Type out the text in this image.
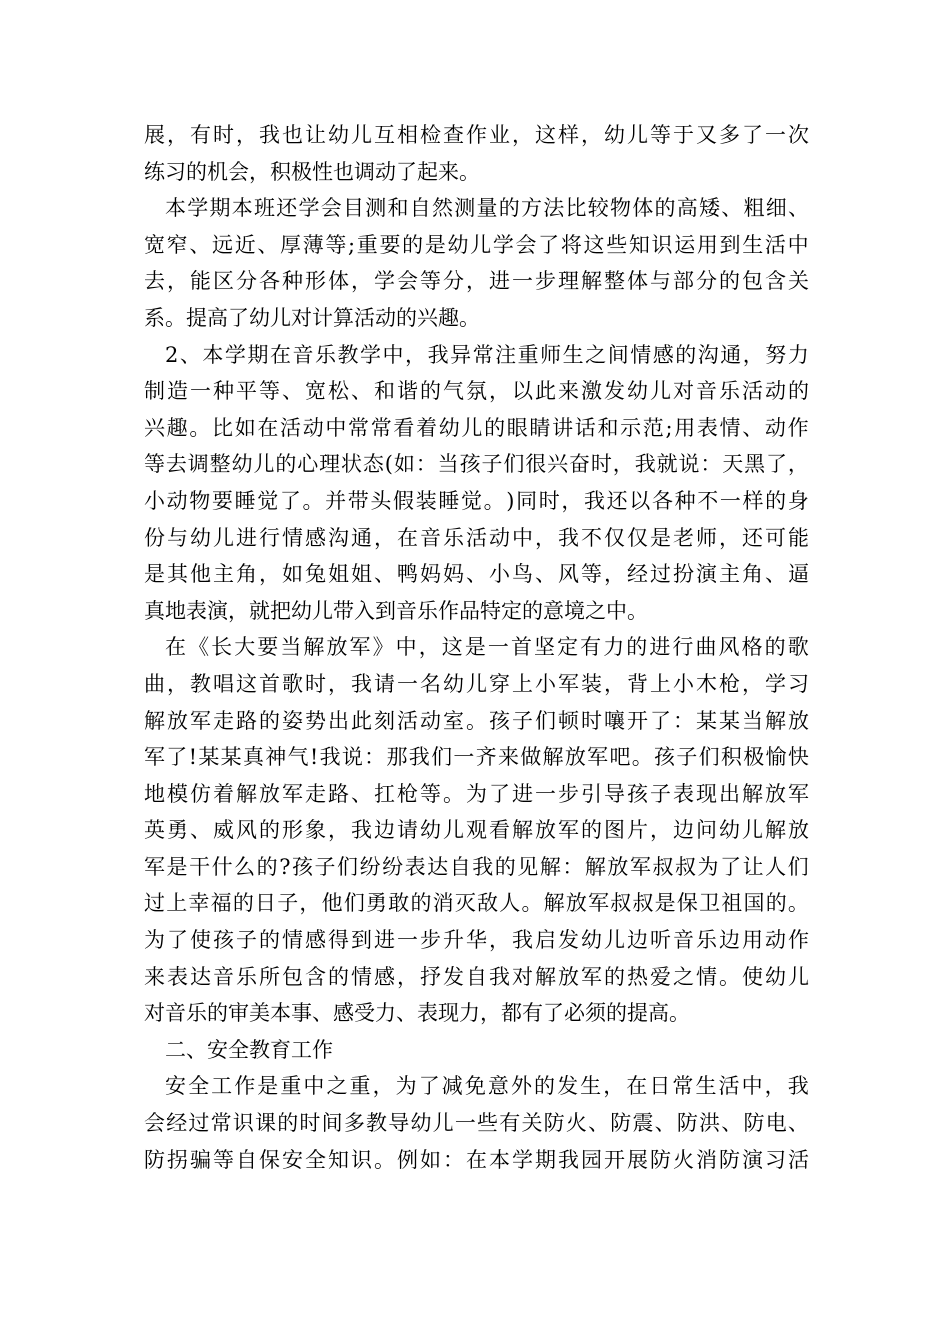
展 ， 有 时 ， 我 也 让 幼 儿 互 相 检 查 作 业 ， 这 样 ， 幼 儿 等 于 又 多 了 一 次
练 习 的 机 会 ， 积 极 性 也 调 动 了 起 来 。
本 学 期 本 班 还 学 会 目 测 和 自 然 测 量 的 方 法 比 较 物 体 的 高 矮 、 粗 细 、
宽 窄 、 远 近 、 厚 薄 等 ; 重 要 的 是 幼 儿 学 会 了 将 这 些 知 识 运 用 到 生 活 中
去 ， 能 区 分 各 种 形 体 ， 学 会 等 分 ， 进 一 步 理 解 整 体 与 部 分 的 包 含 关
系 。 提 高 了 幼 儿 对 计 算 活 动 的 兴 趣 。
2 、 本 学 期 在 音 乐 教 学 中 ， 我 异 常 注 重 师 生 之 间 情 感 的 沟 通 ， 努 力
制 造 一 种 平 等 、 宽 松 、 和 谐 的 气 氛 ， 以 此 来 激 发 幼 儿 对 音 乐 活 动 的
兴 趣 。 比 如 在 活 动 中 常 常 看 着 幼 儿 的 眼 睛 讲 话 和 示 范 ; 用 表 情 、 动 作
等 去 调 整 幼 儿 的 心 理 状 态 ( 如 ： 当 孩 子 们 很 兴 奋 时 ， 我 就 说 ： 天 黑 了 ，
小 动 物 要 睡 觉 了 。 并 带 头 假 装 睡 觉 。 ) 同 时 ， 我 还 以 各 种 不 一 样 的 身
份 与 幼 儿 进 行 情 感 沟 通 ， 在 音 乐 活 动 中 ， 我 不 仅 仅 是 老 师 ， 还 可 能
是 其 他 主 角 ， 如 兔 姐 姐 、 鸭 妈 妈 、 小 鸟 、 风 等 ， 经 过 扮 演 主 角 、 逼
真 地 表 演 ， 就 把 幼 儿 带 入 到 音 乐 作 品 特 定 的 意 境 之 中 。
在 《 长 大 要 当 解 放 军 》 中 ， 这 是 一 首 坚 定 有 力 的 进 行 曲 风 格 的 歌
曲 ， 教 唱 这 首 歌 时 ， 我 请 一 名 幼 儿 穿 上 小 军 装 ， 背 上 小 木 枪 ， 学 习
解 放 军 走 路 的 姿 势 出 此 刻 活 动 室 。 孩 子 们 顿 时 嚷 开 了 ： 某 某 当 解 放
军 了 ! 某 某 真 神 气 ! 我 说 ： 那 我 们 一 齐 来 做 解 放 军 吧 。 孩 子 们 积 极 愉 快
地 模 仿 着 解 放 军 走 路 、 扛 枪 等 。 为 了 进 一 步 引 导 孩 子 表 现 出 解 放 军
英 勇 、 威 风 的 形 象 ， 我 边 请 幼 儿 观 看 解 放 军 的 图 片 ， 边 问 幼 儿 解 放
军 是 干 什 么 的 ? 孩 子 们 纷 纷 表 达 自 我 的 见 解 ： 解 放 军 叔 叔 为 了 让 人 们
过 上 幸 福 的 日 子 ， 他 们 勇 敢 的 消 灭 敌 人 。 解 放 军 叔 叔 是 保 卫 祖 国 的 。
为 了 使 孩 子 的 情 感 得 到 进 一 步 升 华 ， 我 启 发 幼 儿 边 听 音 乐 边 用 动 作
来 表 达 音 乐 所 包 含 的 情 感 ， 抒 发 自 我 对 解 放 军 的 热 爱 之 情 。 使 幼 儿
对 音 乐 的 审 美 本 事 、 感 受 力 、 表 现 力 ， 都 有 了 必 须 的 提 高 。
二 、 安 全 教 育 工 作
安 全 工 作 是 重 中 之 重 ， 为 了 减 免 意 外 的 发 生 ， 在 日 常 生 活 中 ， 我
会 经 过 常 识 课 的 时 间 多 教 导 幼 儿 一 些 有 关 防 火 、 防 震 、 防 洪 、 防 电 、
防 拐 骗 等 自 保 安 全 知 识 。 例 如 ： 在 本 学 期 我 园 开 展 防 火 消 防 演 习 活
